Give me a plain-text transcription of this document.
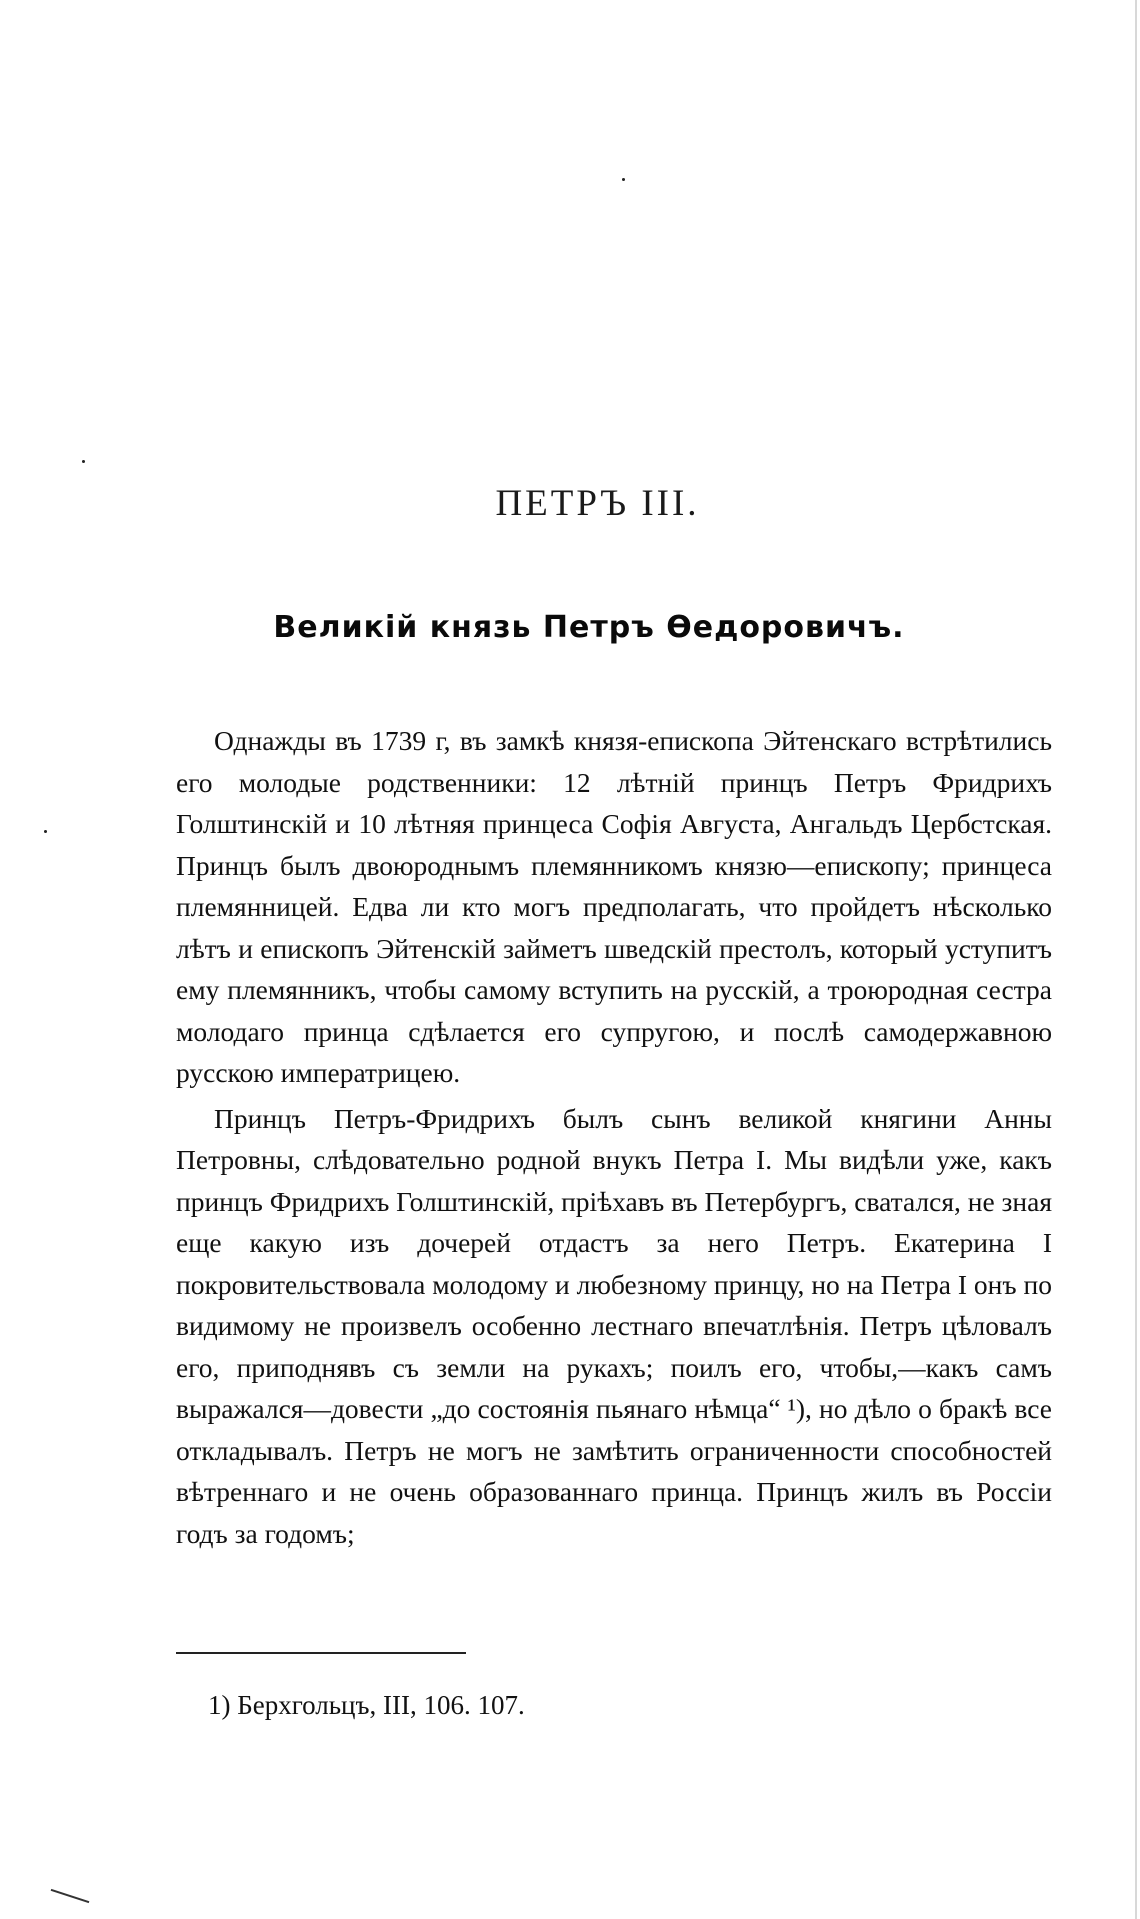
ПЕТРЪ III.
Великій князь Петръ Ѳедоровичъ.

Однажды въ 1739 г, въ замкѣ князя-епископа Эйтенскаго встрѣтились его молодые родственники: 12 лѣтній принцъ Петръ Фридрихъ Голштинскій и 10 лѣтняя принцеса Софія Августа, Ангальдъ Цербстская. Принцъ былъ двоюроднымъ племянникомъ князю—епископу; принцеса племянницей. Едва ли кто могъ предполагать, что пройдетъ нѣсколько лѣтъ и епископъ Эйтенскій займетъ шведскій престолъ, который уступитъ ему племянникъ, чтобы самому вступить на русскій, а троюродная сестра молодаго принца сдѣлается его супругою, и послѣ самодержавною русскою императрицею.

Принцъ Петръ-Фридрихъ былъ сынъ великой княгини Анны Петровны, слѣдовательно родной внукъ Петра I. Мы видѣли уже, какъ принцъ Фридрихъ Голштинскій, пріѣхавъ въ Петербургъ, сватался, не зная еще какую изъ дочерей отдастъ за него Петръ. Екатерина I покровительствовала молодому и любезному принцу, но на Петра I онъ по видимому не произвелъ особенно лестнаго впечатлѣнія. Петръ цѣловалъ его, приподнявъ съ земли на рукахъ; поилъ его, чтобы,—какъ самъ выражался—довести „до состоянія пьянаго нѣмца“ ¹), но дѣло о бракѣ все откладывалъ. Петръ не могъ не замѣтить ограниченности способностей вѣтреннаго и не очень образованнаго принца. Принцъ жилъ въ Россіи годъ за годомъ;

1) Берхгольцъ, III, 106. 107.
